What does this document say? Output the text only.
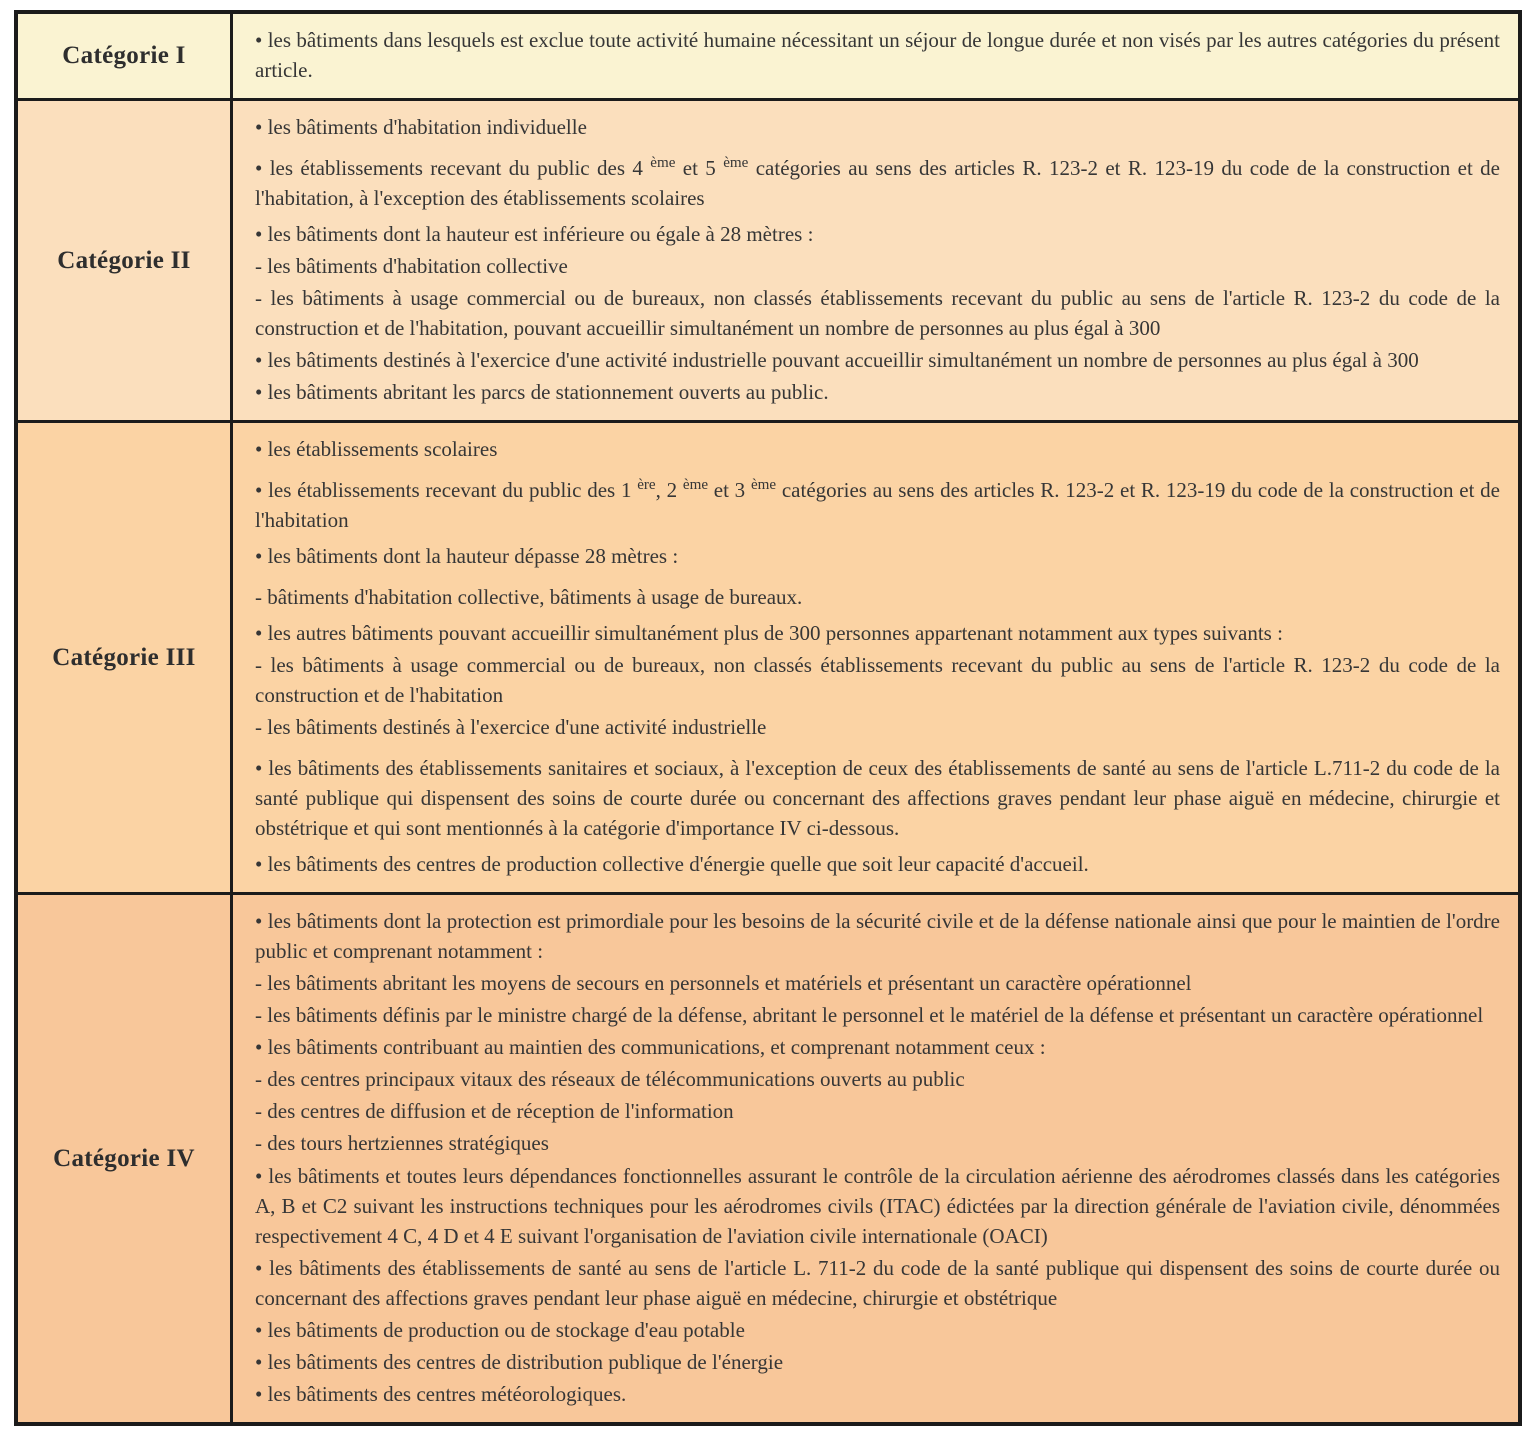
Catégorie I

• les bâtiments dans lesquels est exclue toute activité humaine nécessitant un séjour de longue durée et non visés par les autres catégories du présent article.

Catégorie II

• les bâtiments d'habitation individuelle

• les établissements recevant du public des 4 $^{ème}$ et 5 $^{ème}$ catégories au sens des articles R. 123-2 et R. 123-19 du code de la construction et de l'habitation, à l'exception des établissements scolaires

• les bâtiments dont la hauteur est inférieure ou égale à 28 mètres :

- les bâtiments d'habitation collective

- les bâtiments à usage commercial ou de bureaux, non classés établissements recevant du public au sens de l'article R. 123-2 du code de la construction et de l'habitation, pouvant accueillir simultanément un nombre de personnes au plus égal à 300

• les bâtiments destinés à l'exercice d'une activité industrielle pouvant accueillir simultanément un nombre de personnes au plus égal à 300

• les bâtiments abritant les parcs de stationnement ouverts au public.

Catégorie III

• les établissements scolaires

• les établissements recevant du public des 1 $^{ère}$, 2 $^{ème}$ et 3 $^{ème}$ catégories au sens des articles R. 123-2 et R. 123-19 du code de la construction et de l'habitation

• les bâtiments dont la hauteur dépasse 28 mètres :

- bâtiments d'habitation collective, bâtiments à usage de bureaux.

• les autres bâtiments pouvant accueillir simultanément plus de 300 personnes appartenant notamment aux types suivants :

- les bâtiments à usage commercial ou de bureaux, non classés établissements recevant du public au sens de l'article R. 123-2 du code de la construction et de l'habitation

- les bâtiments destinés à l'exercice d'une activité industrielle

• les bâtiments des établissements sanitaires et sociaux, à l'exception de ceux des établissements de santé au sens de l'article L.711-2 du code de la santé publique qui dispensent des soins de courte durée ou concernant des affections graves pendant leur phase aiguë en médecine, chirurgie et obstétrique et qui sont mentionnés à la catégorie d'importance IV ci-dessous.

• les bâtiments des centres de production collective d'énergie quelle que soit leur capacité d'accueil.

Catégorie IV

• les bâtiments dont la protection est primordiale pour les besoins de la sécurité civile et de la défense nationale ainsi que pour le maintien de l'ordre public et comprenant notamment :

- les bâtiments abritant les moyens de secours en personnels et matériels et présentant un caractère opérationnel

- les bâtiments définis par le ministre chargé de la défense, abritant le personnel et le matériel de la défense et présentant un caractère opérationnel

• les bâtiments contribuant au maintien des communications, et comprenant notamment ceux :

- des centres principaux vitaux des réseaux de télécommunications ouverts au public

- des centres de diffusion et de réception de l'information

- des tours hertziennes stratégiques

• les bâtiments et toutes leurs dépendances fonctionnelles assurant le contrôle de la circulation aérienne des aérodromes classés dans les catégories A, B et C2 suivant les instructions techniques pour les aérodromes civils (ITAC) édictées par la direction générale de l'aviation civile, dénommées respectivement 4 C, 4 D et 4 E suivant l'organisation de l'aviation civile internationale (OACI)

• les bâtiments des établissements de santé au sens de l'article L. 711-2 du code de la santé publique qui dispensent des soins de courte durée ou concernant des affections graves pendant leur phase aiguë en médecine, chirurgie et obstétrique

• les bâtiments de production ou de stockage d'eau potable

• les bâtiments des centres de distribution publique de l'énergie

• les bâtiments des centres météorologiques.
